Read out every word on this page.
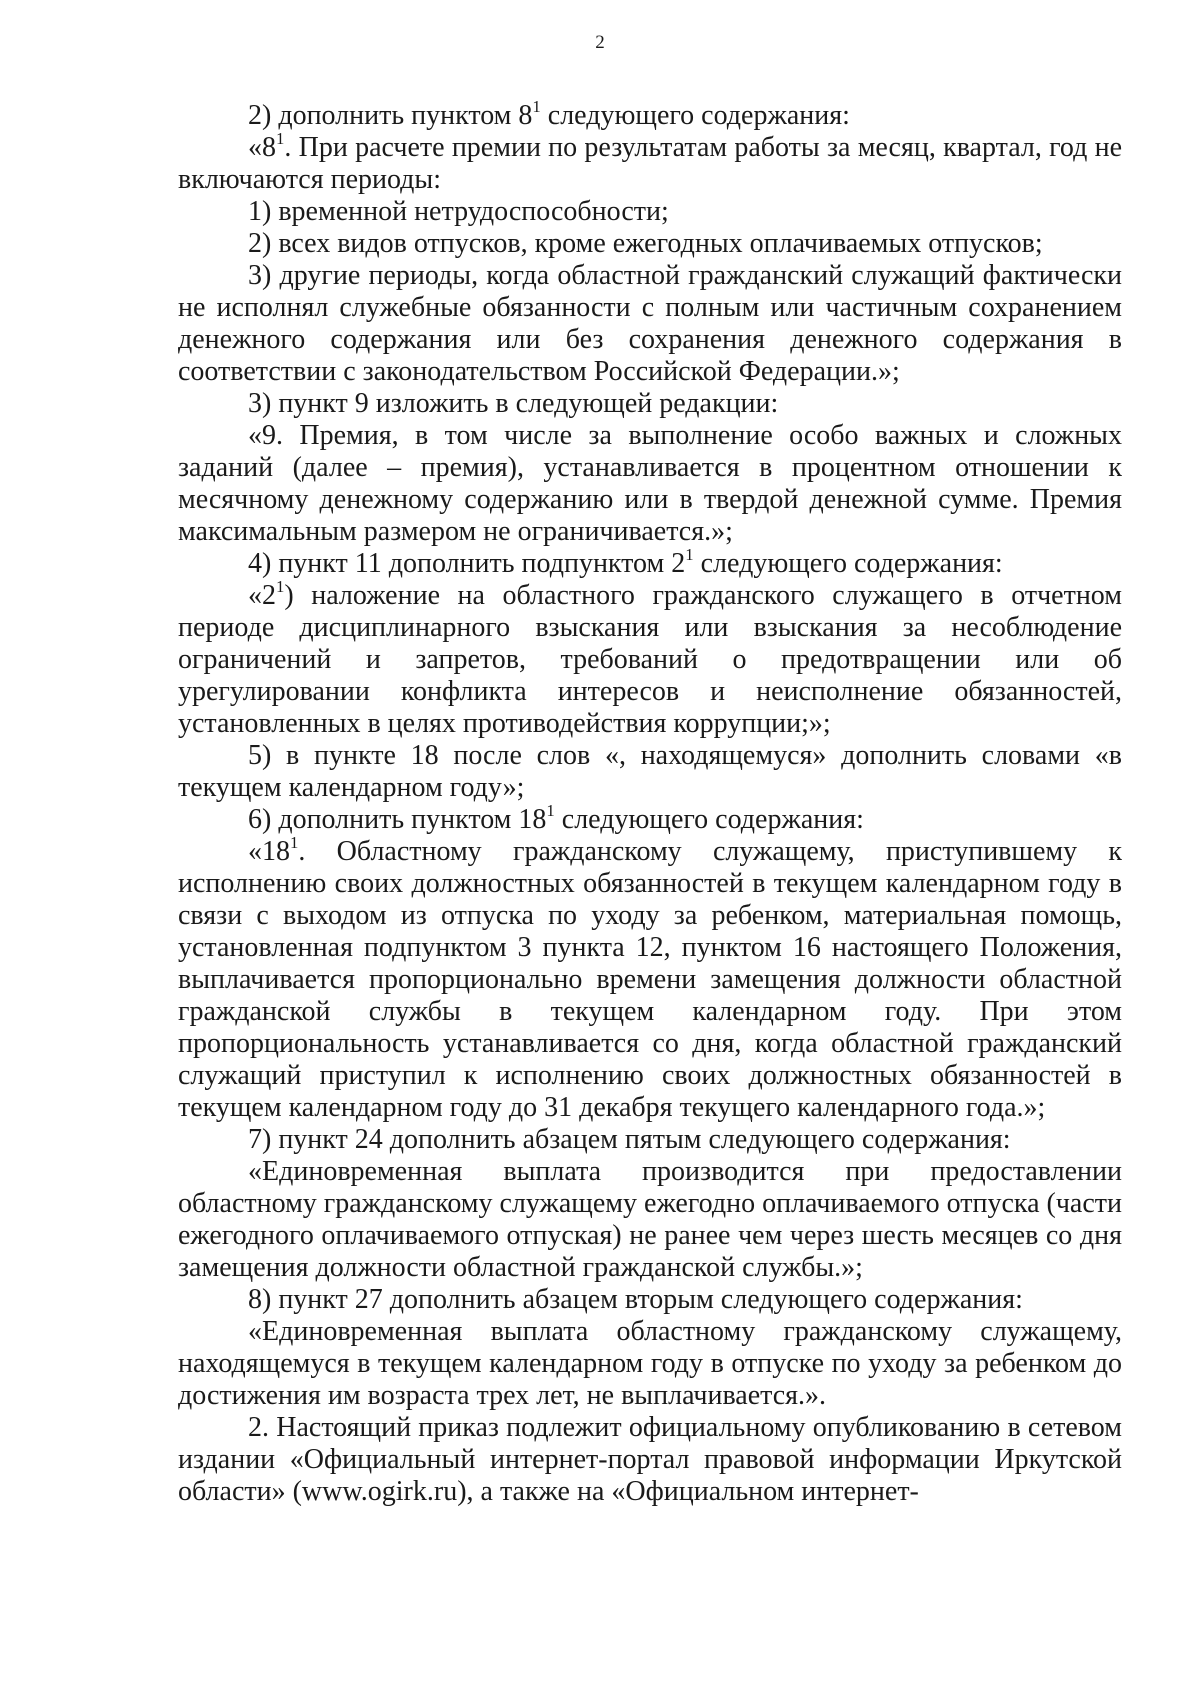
2

2) дополнить пунктом $8^1$ следующего содержания:

«$8^1$. При расчете премии по результатам работы за месяц, квартал, год не включаются периоды:

1) временной нетрудоспособности;

2) всех видов отпусков, кроме ежегодных оплачиваемых отпусков;

3) другие периоды, когда областной гражданский служащий фактически не исполнял служебные обязанности с полным или частичным сохранением денежного содержания или без сохранения денежного содержания в соответствии с законодательством Российской Федерации.»;

3) пункт 9 изложить в следующей редакции:

«9. Премия, в том числе за выполнение особо важных и сложных заданий (далее – премия), устанавливается в процентном отношении к месячному денежному содержанию или в твердой денежной сумме. Премия максимальным размером не ограничивается.»;

4) пункт 11 дополнить подпунктом $2^1$ следующего содержания:

«$2^1$) наложение на областного гражданского служащего в отчетном периоде дисциплинарного взыскания или взыскания за несоблюдение ограничений и запретов, требований о предотвращении или об урегулировании конфликта интересов и неисполнение обязанностей, установленных в целях противодействия коррупции;»;

5) в пункте 18 после слов «, находящемуся» дополнить словами «в текущем календарном году»;

6) дополнить пунктом $18^1$ следующего содержания:

«$18^1$. Областному гражданскому служащему, приступившему к исполнению своих должностных обязанностей в текущем календарном году в связи с выходом из отпуска по уходу за ребенком, материальная помощь, установленная подпунктом 3 пункта 12, пунктом 16 настоящего Положения, выплачивается пропорционально времени замещения должности областной гражданской службы в текущем календарном году. При этом пропорциональность устанавливается со дня, когда областной гражданский служащий приступил к исполнению своих должностных обязанностей в текущем календарном году до 31 декабря текущего календарного года.»;

7) пункт 24 дополнить абзацем пятым следующего содержания:

«Единовременная выплата производится при предоставлении областному гражданскому служащему ежегодно оплачиваемого отпуска (части ежегодного оплачиваемого отпуская) не ранее чем через шесть месяцев со дня замещения должности областной гражданской службы.»;

8) пункт 27 дополнить абзацем вторым следующего содержания:

«Единовременная выплата областному гражданскому служащему, находящемуся в текущем календарном году в отпуске по уходу за ребенком до достижения им возраста трех лет, не выплачивается.».

2. Настоящий приказ подлежит официальному опубликованию в сетевом издании «Официальный интернет-портал правовой информации Иркутской области» (www.ogirk.ru), а также на «Официальном интернет-
